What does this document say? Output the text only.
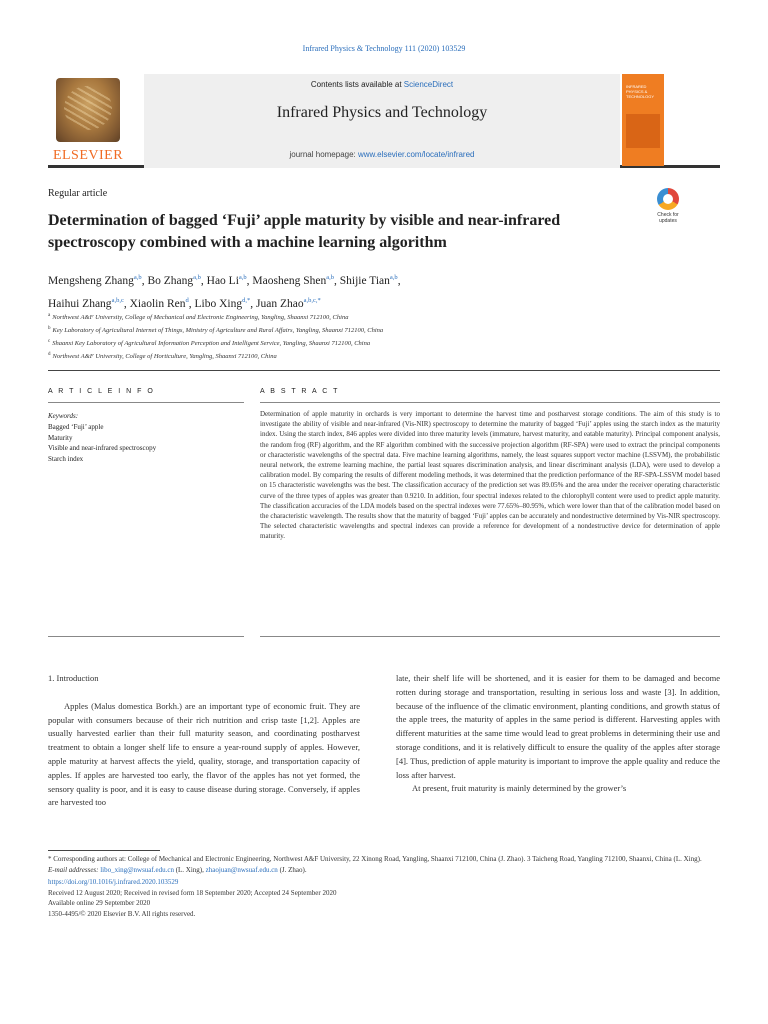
Infrared Physics & Technology 111 (2020) 103529
ELSEVIER
Contents lists available at ScienceDirect
Infrared Physics and Technology
journal homepage: www.elsevier.com/locate/infrared
INFRARED PHYSICS & TECHNOLOGY
Regular article
Determination of bagged ‘Fuji’ apple maturity by visible and near-infrared spectroscopy combined with a machine learning algorithm
Check for
updates
Mengsheng Zhang$^{a,b}$, Bo Zhang$^{a,b}$, Hao Li$^{a,b}$, Maosheng Shen$^{a,b}$, Shijie Tian$^{a,b}$,
Haihui Zhang$^{a,b,c}$, Xiaolin Ren$^d$, Libo Xing$^{d,*}$, Juan Zhao$^{a,b,c,*}$
$^a$ Northwest A&F University, College of Mechanical and Electronic Engineering, Yangling, Shaanxi 712100, China
$^b$ Key Laboratory of Agricultural Internet of Things, Ministry of Agriculture and Rural Affairs, Yangling, Shaanxi 712100, China
$^c$ Shaanxi Key Laboratory of Agricultural Information Perception and Intelligent Service, Yangling, Shaanxi 712100, China
$^d$ Northwest A&F University, College of Horticulture, Yangling, Shaanxi 712100, China
A R T I C L E I N F O
Keywords:
Bagged ‘Fuji’ apple
Maturity
Visible and near-infrared spectroscopy
Starch index
A B S T R A C T
Determination of apple maturity in orchards is very important to determine the harvest time and postharvest storage conditions. The aim of this study is to investigate the ability of visible and near-infrared (Vis-NIR) spectroscopy to determine the maturity of bagged ‘Fuji’ apples using the starch index as the maturity index. Using the starch index, 846 apples were divided into three maturity levels (immature, harvest maturity, and eatable maturity). Principal component analysis, the random frog (RF) algorithm, and the RF algorithm combined with the successive projection algorithm (RF-SPA) were used to extract the principal components or characteristic wavelengths of the spectral data. Five machine learning algorithms, namely, the least squares support vector machine (LSSVM), the probabilistic neural network, the extreme learning machine, the partial least squares discrimination analysis, and linear discriminant analysis (LDA), were used to develop a calibration model. By comparing the results of different modeling methods, it was determined that the prediction performance of the RF-SPA-LSSVM model based on 15 characteristic wavelengths was the best. The classification accuracy of the prediction set was 89.05% and the area under the receiver operating characteristic curve of the three types of apples was greater than 0.9210. In addition, four spectral indexes related to the chlorophyll content were used to predict apple maturity. The classification accuracies of the LDA models based on the spectral indexes were 77.65%–80.95%, which were lower than that of the calibration model based on the characteristic wavelength. The results show that the maturity of bagged ‘Fuji’ apples can be accurately and nondestructive determined by Vis-NIR spectroscopy. The selected characteristic wavelengths and spectral indexes can provide a reference for development of a nondestructive device for determination of apple maturity.
1. Introduction

Apples (Malus domestica Borkh.) are an important type of economic fruit. They are popular with consumers because of their rich nutrition and crisp taste [1,2]. Apples are usually harvested earlier than their full maturity season, and coordinating postharvest treatment to obtain a longer shelf life to ensure a year-round supply of apples. However, apple maturity at harvest affects the yield, quality, storage, and transportation capacity of apples. If apples are harvested too early, the flavor of the apples has not yet formed, the sensory quality is poor, and it is easy to cause disease during storage. Conversely, if apples are harvested too

late, their shelf life will be shortened, and it is easier for them to be damaged and become rotten during storage and transportation, resulting in serious loss and waste [3]. In addition, because of the influence of the climatic environment, planting conditions, and growth status of the apple trees, the maturity of apples in the same period is different. Harvesting apples with different maturities at the same time would lead to great problems in determining their use and storage conditions, and it is relatively difficult to ensure the quality of the apples after storage [4]. Thus, prediction of apple maturity is important to improve the apple quality and reduce the loss after harvest.

At present, fruit maturity is mainly determined by the grower’s

* Corresponding authors at: College of Mechanical and Electronic Engineering, Northwest A&F University, 22 Xinong Road, Yangling, Shaanxi 712100, China (J. Zhao). 3 Taicheng Road, Yangling 712100, Shaanxi, China (L. Xing).
E-mail addresses: libo_xing@nwsuaf.edu.cn (L. Xing), zhaojuan@nwsuaf.edu.cn (J. Zhao).
https://doi.org/10.1016/j.infrared.2020.103529
Received 12 August 2020; Received in revised form 18 September 2020; Accepted 24 September 2020
Available online 29 September 2020
1350-4495/© 2020 Elsevier B.V. All rights reserved.
